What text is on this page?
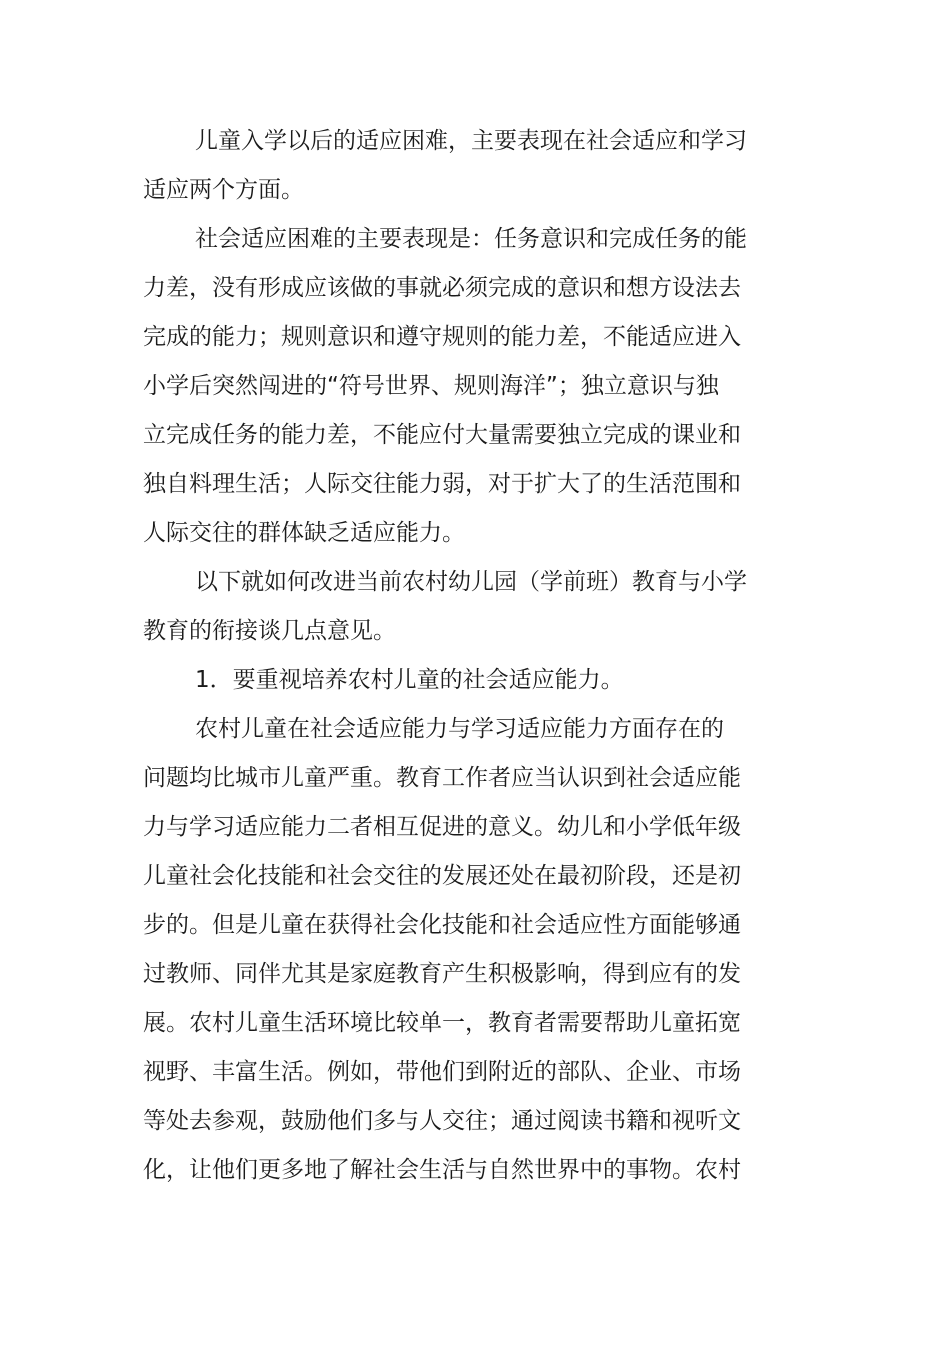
儿童入学以后的适应困难，主要表现在社会适应和学习
适应两个方面。
社会适应困难的主要表现是：任务意识和完成任务的能
力差，没有形成应该做的事就必须完成的意识和想方设法去
完成的能力；规则意识和遵守规则的能力差，不能适应进入
小学后突然闯进的“符号世界、规则海洋”；独立意识与独
立完成任务的能力差，不能应付大量需要独立完成的课业和
独自料理生活；人际交往能力弱，对于扩大了的生活范围和
人际交往的群体缺乏适应能力。
以下就如何改进当前农村幼儿园（学前班）教育与小学
教育的衔接谈几点意见。
1．要重视培养农村儿童的社会适应能力。
农村儿童在社会适应能力与学习适应能力方面存在的
问题均比城市儿童严重。教育工作者应当认识到社会适应能
力与学习适应能力二者相互促进的意义。幼儿和小学低年级
儿童社会化技能和社会交往的发展还处在最初阶段，还是初
步的。但是儿童在获得社会化技能和社会适应性方面能够通
过教师、同伴尤其是家庭教育产生积极影响，得到应有的发
展。农村儿童生活环境比较单一，教育者需要帮助儿童拓宽
视野、丰富生活。例如，带他们到附近的部队、企业、市场
等处去参观，鼓励他们多与人交往；通过阅读书籍和视听文
化，让他们更多地了解社会生活与自然世界中的事物。农村
